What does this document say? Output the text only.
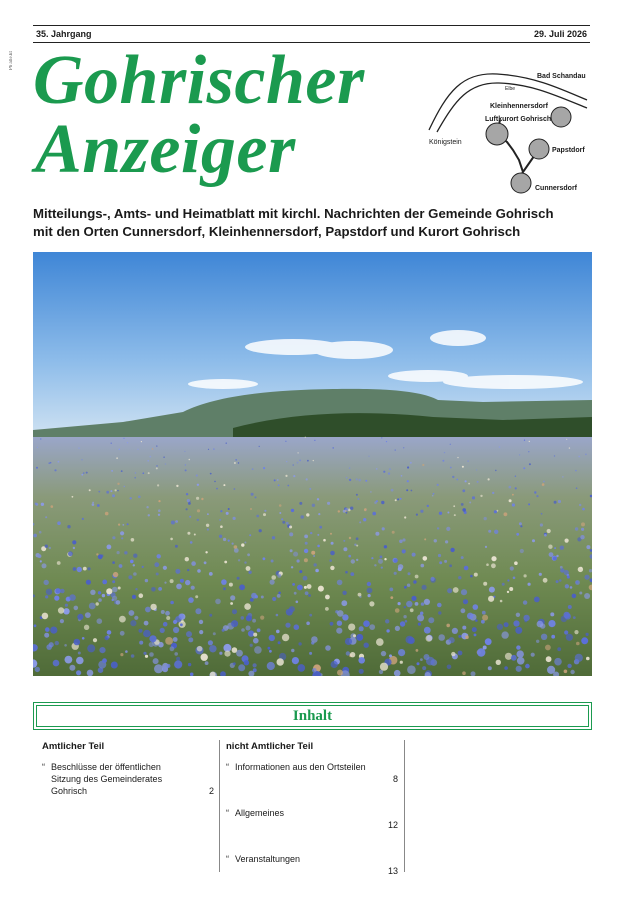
P6 alle.kt
35. Jahrgang	29. Juli 2026
Gohrischer
Anzeiger
Bad Schandau
Elbe
Kleinhennersdorf
Luftkurort Gohrisch
Königstein
Papstdorf
Cunnersdorf
Mitteilungs-, Amts- und Heimatblatt mit kirchl. Nachrichten der Gemeinde Gohrisch
mit den Orten Cunnersdorf, Kleinhennersdorf, Papstdorf und Kurort Gohrisch
Inhalt
Amtlicher Teil
“ Beschlüsse der öffentlichen Sitzung des Gemeinderates Gohrisch	2
nicht Amtlicher Teil
“ Informationen aus den Ortsteilen
8
“ Allgemeines
12
“ Veranstaltungen
13
